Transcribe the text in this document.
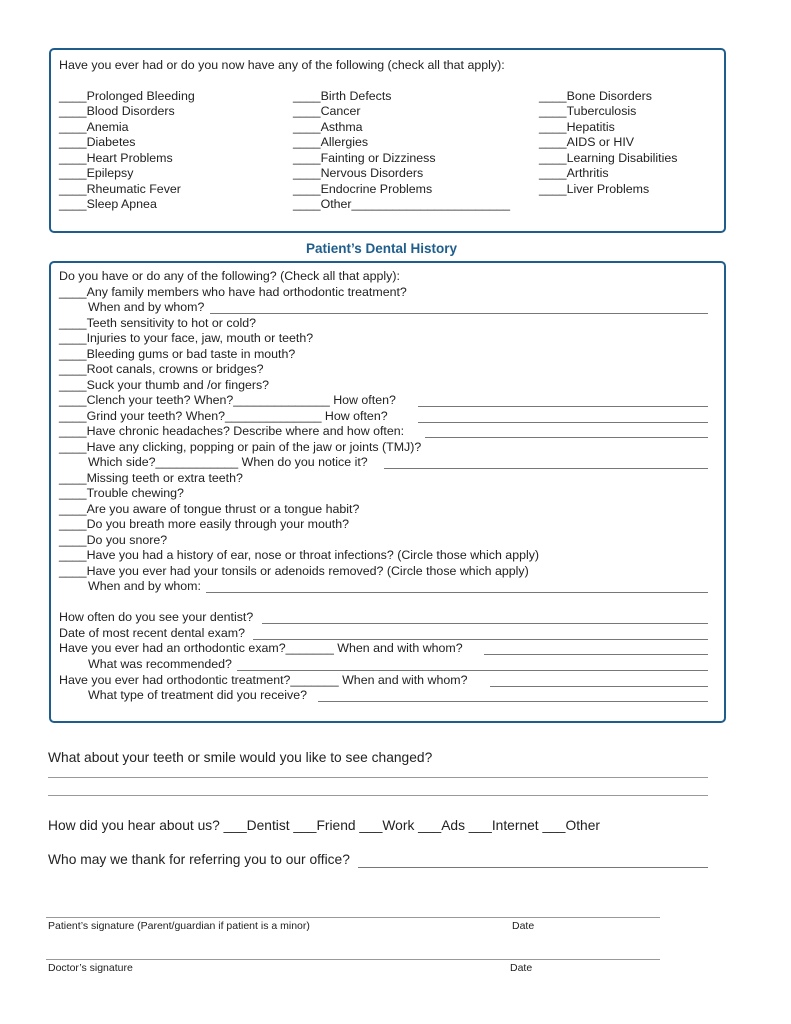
Have you ever had or do you now have any of the following (check all that apply):
____Prolonged Bleeding
____Blood Disorders
____Anemia
____Diabetes
____Heart Problems
____Epilepsy
____Rheumatic Fever
____Sleep Apnea
____Birth Defects
____Cancer
____Asthma
____Allergies
____Fainting or Dizziness
____Nervous Disorders
____Endocrine Problems
____Other_______________________
____Bone Disorders
____Tuberculosis
____Hepatitis
____AIDS or HIV
____Learning Disabilities
____Arthritis
____Liver Problems
Patient’s Dental History
Do you have or do any of the following? (Check all that apply):
____Any family members who have had orthodontic treatment?
When and by whom?
____Teeth sensitivity to hot or cold?
____Injuries to your face, jaw, mouth or teeth?
____Bleeding gums or bad taste in mouth?
____Root canals, crowns or bridges?
____Suck your thumb and /or fingers?
____Clench your teeth? When?______________ How often?
____Grind your teeth? When?______________ How often?
____Have chronic headaches? Describe where and how often:
____Have any clicking, popping or pain of the jaw or joints (TMJ)?
Which side?____________ When do you notice it?
____Missing teeth or extra teeth?
____Trouble chewing?
____Are you aware of tongue thrust or a tongue habit?
____Do you breath more easily through your mouth?
____Do you snore?
____Have you had a history of ear, nose or throat infections? (Circle those which apply)
____Have you ever had your tonsils or adenoids removed? (Circle those which apply)
When and by whom:
How often do you see your dentist?
Date of most recent dental exam?
Have you ever had an orthodontic exam?_______ When and with whom?
What was recommended?
Have you ever had orthodontic treatment?_______ When and with whom?
What type of treatment did you receive?
What about your teeth or smile would you like to see changed?
How did you hear about us? ___Dentist ___Friend ___Work ___Ads ___Internet ___Other
Who may we thank for referring you to our office?
Patient’s signature (Parent/guardian if patient is a minor)	Date
Doctor’s signature	Date
